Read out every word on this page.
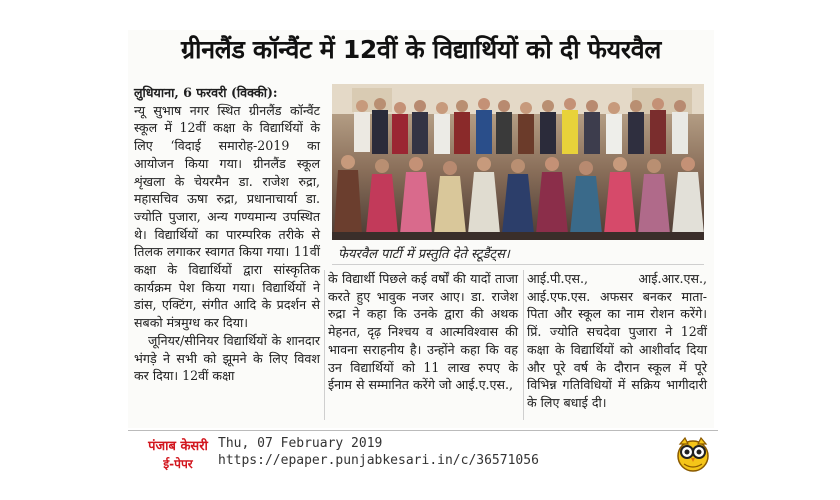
ग्रीनलैंड कॉन्वैंट में 12वीं के विद्यार्थियों को दी फेयरवैल

लुधियाना, 6 फरवरी (विक्की):

न्यू सुभाष नगर स्थित ग्रीनलैंड कॉन्वैंट स्कूल में 12वीं कक्षा के विद्यार्थियों के लिए ‘विदाई समारोह-2019 का आयोजन किया गया। ग्रीनलैंड स्कूल शृंखला के चेयरमैन डा. राजेश रुद्रा, महासचिव ऊषा रुद्रा, प्रधानाचार्या डा. ज्योति पुजारा, अन्य गण्यमान्य उपस्थित थे। विद्यार्थियों का पारम्परिक तरीके से तिलक लगाकर स्वागत किया गया। 11वीं कक्षा के विद्यार्थियों द्वारा सांस्कृतिक कार्यक्रम पेश किया गया। विद्यार्थियों ने डांस, एक्टिंग, संगीत आदि के प्रदर्शन से सबको मंत्रमुग्ध कर दिया।

जूनियर/सीनियर विद्यार्थियों के शानदार भंगड़े ने सभी को झूमने के लिए विवश कर दिया। 12वीं कक्षा

फेयरवैल पार्टी में प्रस्तुति देते स्टूडैंट्स।

के विद्यार्थी पिछले कई वर्षों की यादों ताजा करते हुए भावुक नजर आए। डा. राजेश रुद्रा ने कहा कि उनके द्वारा की अथक मेहनत, दृढ़ निश्चय व आत्मविश्वास की भावना सराहनीय है। उन्होंने कहा कि वह उन विद्यार्थियों को 11 लाख रुपए के ईनाम से सम्मानित करेंगे जो आई.ए.एस.,

आई.पी.एस., आई.आर.एस., आई.एफ.एस. अफसर बनकर माता-पिता और स्कूल का नाम रोशन करेंगे। प्रिं. ज्योति सचदेवा पुजारा ने 12वीं कक्षा के विद्यार्थियों को आशीर्वाद दिया और पूरे वर्ष के दौरान स्कूल में पूरे विभिन्न गतिविधियों में सक्रिय भागीदारी के लिए बधाई दी।

पंजाब केसरी
ई-पेपर
Thu, 07 February 2019
https://epaper.punjabkesari.in/c/36571056
